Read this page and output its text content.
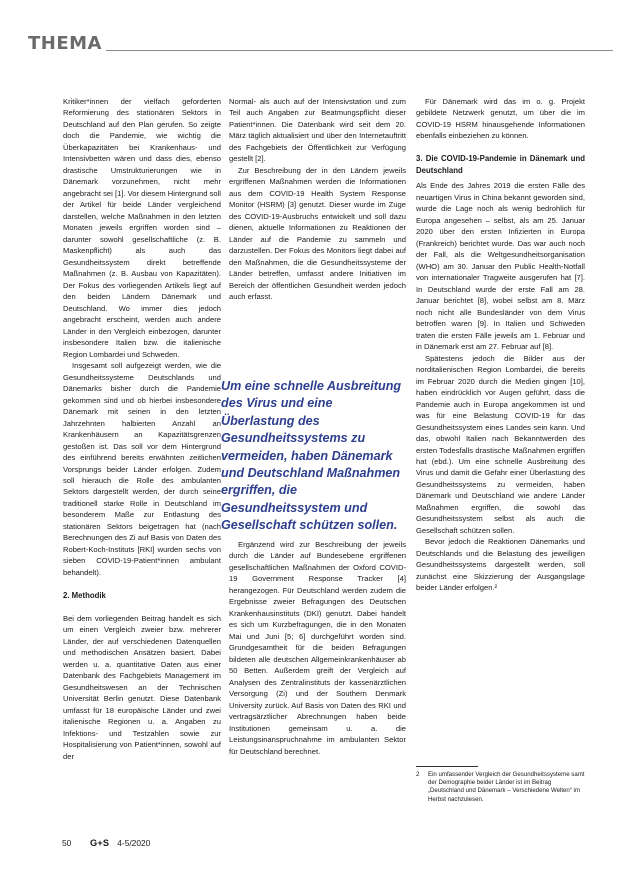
THEMA

Kritiker*innen der vielfach geforderten Reformierung des stationären Sektors in Deutschland auf den Plan gerufen. So zeigte doch die Pandemie, wie wichtig die Überkapazitäten bei Krankenhaus- und Intensivbetten wären und dass dies, ebenso drastische Umstrukturierungen wie in Dänemark vorzunehmen, nicht mehr angebracht sei [1]. Vor diesem Hintergrund soll der Artikel für beide Länder vergleichend darstellen, welche Maßnahmen in den letzten Monaten jeweils ergriffen worden sind – darunter sowohl gesellschaftliche (z. B. Maskenpflicht) als auch das Gesundheitssystem direkt betreffende Maßnahmen (z. B. Ausbau von Kapazitäten). Der Fokus des vorliegenden Artikels liegt auf den beiden Ländern Dänemark und Deutschland. Wo immer dies jedoch angebracht erscheint, werden auch andere Länder in den Vergleich einbezogen, darunter insbesondere Italien bzw. die italienische Region Lombardei und Schweden.

Insgesamt soll aufgezeigt werden, wie die Gesundheitssysteme Deutschlands und Dänemarks bisher durch die Pandemie gekommen sind und ob hierbei insbesondere Dänemark mit seinen in den letzten Jahrzehnten halbierten Anzahl an Krankenhäusern an Kapazitätsgrenzen gestoßen ist. Das soll vor dem Hintergrund des einführend bereits erwähnten zeitlichen Vorsprungs beider Länder erfolgen. Zudem soll hierauch die Rolle des ambulanten Sektors dargestellt werden, der durch seine traditionell starke Rolle in Deutschland im besonderem Maße zur Entlastung des stationären Sektors beigetragen hat (nach Berechnungen des Zi auf Basis von Daten des Robert-Koch-Instituts [RKI] wurden sechs von sieben COVID-19-Patient*innen ambulant behandelt).

2. Methodik

Bei dem vorliegenden Beitrag handelt es sich um einen Vergleich zweier bzw. mehrerer Länder, der auf verschiedenen Datenquellen und methodischen Ansätzen basiert. Dabei werden u. a. quantitative Daten aus einer Datenbank des Fachgebiets Management im Gesundheitswesen an der Technischen Universität Berlin genutzt. Diese Datenbank umfasst für 18 europäische Länder und zwei italienische Regionen u. a. Angaben zu Infektions- und Testzahlen sowie zur Hospitalisierung von Patient*innen, sowohl auf der

Normal- als auch auf der Intensivstation und zum Teil auch Angaben zur Beatmungspflicht dieser Patient*innen. Die Datenbank wird seit dem 20. März täglich aktualisiert und über den Internetauftritt des Fachgebiets der Öffentlichkeit zur Verfügung gestellt [2].

Zur Beschreibung der in den Ländern jeweils ergriffenen Maßnahmen werden die Informationen aus dem COVID-19 Health System Response Monitor (HSRM) [3] genutzt. Dieser wurde im Zuge des COVID-19-Ausbruchs entwickelt und soll dazu dienen, aktuelle Informationen zu Reaktionen der Länder auf die Pandemie zu sammeln und darzustellen. Der Fokus des Monitors liegt dabei auf den Maßnahmen, die die Gesundheitssysteme der Länder betreffen, umfasst andere Initiativen im Bereich der öffentlichen Gesundheit werden jedoch auch erfasst.

Um eine schnelle Ausbreitung des Virus und eine Überlastung des Gesundheitssystems zu vermeiden, haben Dänemark und Deutschland Maßnahmen ergriffen, die Gesundheitssystem und Gesellschaft schützen sollen.

Ergänzend wird zur Beschreibung der jeweils durch die Länder auf Bundesebene ergriffenen gesellschaftlichen Maßnahmen der Oxford COVID-19 Government Response Tracker [4] herangezogen. Für Deutschland werden zudem die Ergebnisse zweier Befragungen des Deutschen Krankenhausinstituts (DKI) genutzt. Dabei handelt es sich um Kurzbefragungen, die in den Monaten Mai und Juni [5; 6] durchgeführt worden sind. Grundgesamtheit für die beiden Befragungen bildeten alle deutschen Allgemeinkrankenhäuser ab 50 Betten. Außerdem greift der Vergleich auf Analysen des Zentralinstituts der kassenärztlichen Versorgung (Zi) und der Southern Denmark University zurück. Auf Basis von Daten des RKI und vertragsärztlicher Abrechnungen haben beide Institutionen gemeinsam u. a. die Leistungsinanspruchnahme im ambulanten Sektor für Deutschland berechnet.

Für Dänemark wird das im o. g. Projekt gebildete Netzwerk genutzt, um über die im COVID-19 HSRM hinausgehende Informationen ebenfalls einbeziehen zu können.

3. Die COVID-19-Pandemie in Dänemark und Deutschland

Als Ende des Jahres 2019 die ersten Fälle des neuartigen Virus in China bekannt geworden sind, wurde die Lage noch als wenig bedrohlich für Europa angesehen – selbst, als am 25. Januar 2020 über den ersten Infizierten in Europa (Frankreich) berichtet wurde. Das war auch noch der Fall, als die Weltgesundheitsorganisation (WHO) am 30. Januar den Public Health-Notfall von internationaler Tragweite ausgerufen hat [7]. In Deutschland wurde der erste Fall am 28. Januar berichtet [8], wobei selbst am 8. März noch nicht alle Bundesländer von dem Virus betroffen waren [9]. In Italien und Schweden traten die ersten Fälle jeweils am 1. Februar und in Dänemark erst am 27. Februar auf [8].

Spätestens jedoch die Bilder aus der norditalienischen Region Lombardei, die bereits im Februar 2020 durch die Medien gingen [10], haben eindrücklich vor Augen geführt, dass die Pandemie auch in Europa angekommen ist und was für eine Belastung COVID-19 für das Gesundheitssystem eines Landes sein kann. Und das, obwohl Italien nach Bekanntwerden des ersten Todesfalls drastische Maßnahmen ergriffen hat (ebd.). Um eine schnelle Ausbreitung des Virus und damit die Gefahr einer Überlastung des Gesundheitssystems zu vermeiden, haben Dänemark und Deutschland wie andere Länder Maßnahmen ergriffen, die sowohl das Gesundheitssystem selbst als auch die Gesellschaft schützen sollen.

Bevor jedoch die Reaktionen Dänemarks und Deutschlands und die Belastung des jeweiligen Gesundheitssystems dargestellt werden, soll zunächst eine Skizzierung der Ausgangslage beider Länder erfolgen.²

2	Ein umfassender Vergleich der Gesundheitssysteme samt der Demographie beider Länder ist im Beitrag „Deutschland und Dänemark – Verschiedene Welten“ im Herbst nachzulesen.
50	G+S 4-5/2020
